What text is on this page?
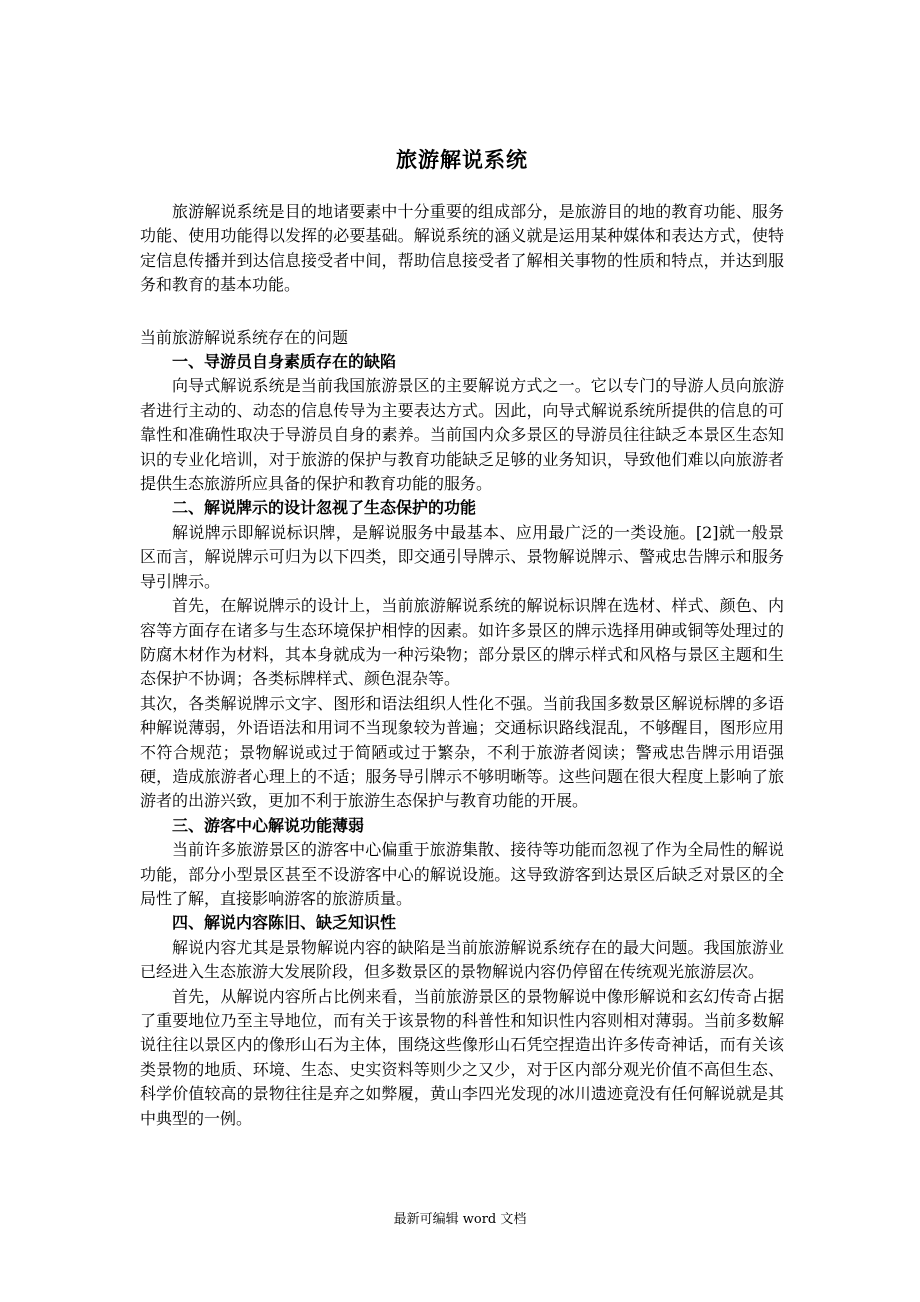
旅游解说系统

旅游解说系统是目的地诸要素中十分重要的组成部分，是旅游目的地的教育功能、服务功能、使用功能得以发挥的必要基础。解说系统的涵义就是运用某种媒体和表达方式，使特定信息传播并到达信息接受者中间，帮助信息接受者了解相关事物的性质和特点，并达到服务和教育的基本功能。

当前旅游解说系统存在的问题

一、导游员自身素质存在的缺陷

向导式解说系统是当前我国旅游景区的主要解说方式之一。它以专门的导游人员向旅游者进行主动的、动态的信息传导为主要表达方式。因此，向导式解说系统所提供的信息的可靠性和准确性取决于导游员自身的素养。当前国内众多景区的导游员往往缺乏本景区生态知识的专业化培训，对于旅游的保护与教育功能缺乏足够的业务知识，导致他们难以向旅游者提供生态旅游所应具备的保护和教育功能的服务。

二、解说牌示的设计忽视了生态保护的功能

解说牌示即解说标识牌，是解说服务中最基本、应用最广泛的一类设施。[2]就一般景区而言，解说牌示可归为以下四类，即交通引导牌示、景物解说牌示、警戒忠告牌示和服务导引牌示。

首先，在解说牌示的设计上，当前旅游解说系统的解说标识牌在选材、样式、颜色、内容等方面存在诸多与生态环境保护相悖的因素。如许多景区的牌示选择用砷或铜等处理过的防腐木材作为材料，其本身就成为一种污染物；部分景区的牌示样式和风格与景区主题和生态保护不协调；各类标牌样式、颜色混杂等。

其次，各类解说牌示文字、图形和语法组织人性化不强。当前我国多数景区解说标牌的多语种解说薄弱，外语语法和用词不当现象较为普遍；交通标识路线混乱，不够醒目，图形应用不符合规范；景物解说或过于简陋或过于繁杂，不利于旅游者阅读；警戒忠告牌示用语强硬，造成旅游者心理上的不适；服务导引牌示不够明晰等。这些问题在很大程度上影响了旅游者的出游兴致，更加不利于旅游生态保护与教育功能的开展。

三、游客中心解说功能薄弱

当前许多旅游景区的游客中心偏重于旅游集散、接待等功能而忽视了作为全局性的解说功能，部分小型景区甚至不设游客中心的解说设施。这导致游客到达景区后缺乏对景区的全局性了解，直接影响游客的旅游质量。

四、解说内容陈旧、缺乏知识性

解说内容尤其是景物解说内容的缺陷是当前旅游解说系统存在的最大问题。我国旅游业已经进入生态旅游大发展阶段，但多数景区的景物解说内容仍停留在传统观光旅游层次。

首先，从解说内容所占比例来看，当前旅游景区的景物解说中像形解说和玄幻传奇占据了重要地位乃至主导地位，而有关于该景物的科普性和知识性内容则相对薄弱。当前多数解说往往以景区内的像形山石为主体，围绕这些像形山石凭空捏造出许多传奇神话，而有关该类景物的地质、环境、生态、史实资料等则少之又少，对于区内部分观光价值不高但生态、科学价值较高的景物往往是弃之如弊履，黄山李四光发现的冰川遗迹竟没有任何解说就是其中典型的一例。

最新可编辑 word 文档
